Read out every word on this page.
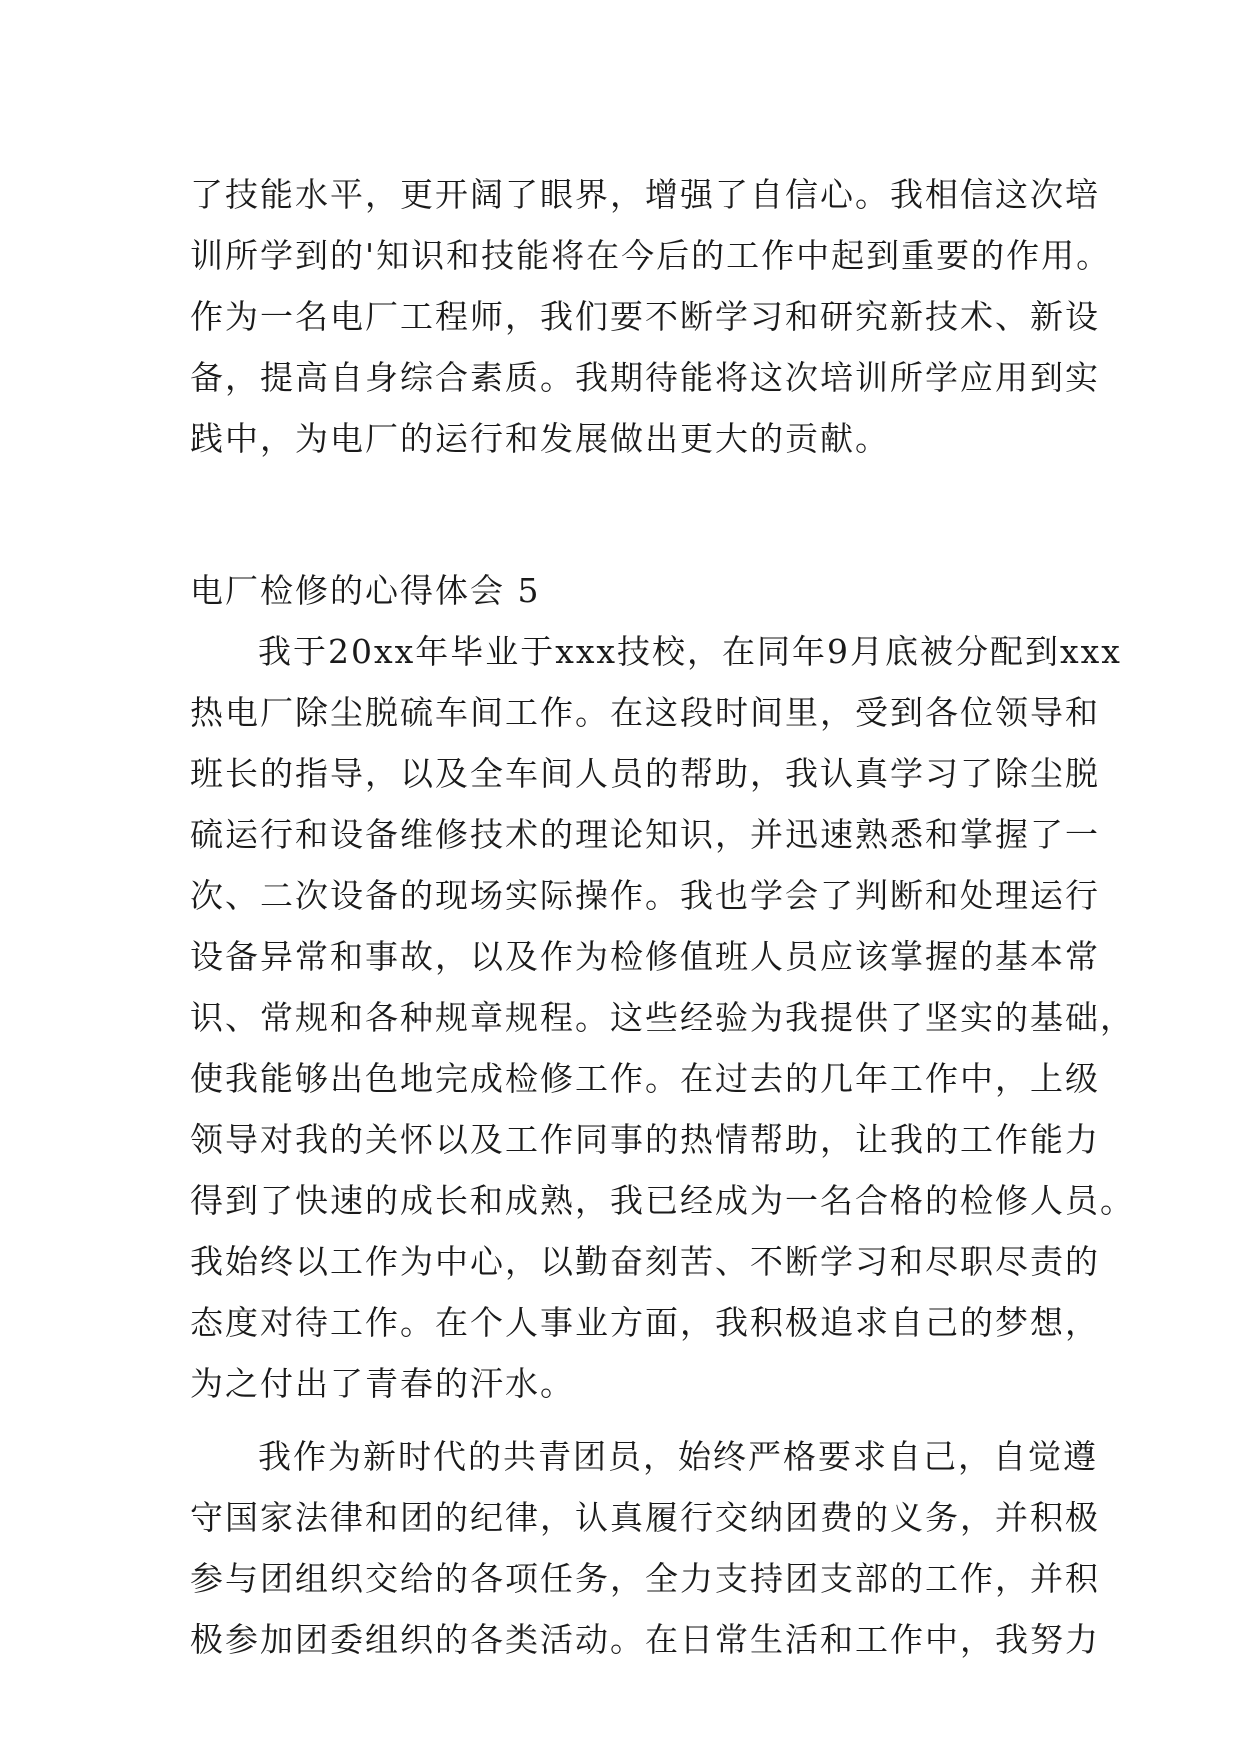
了技能水平，更开阔了眼界，增强了自信心。我相信这次培
训所学到的'知识和技能将在今后的工作中起到重要的作用。
作为一名电厂工程师，我们要不断学习和研究新技术、新设
备，提高自身综合素质。我期待能将这次培训所学应用到实
践中，为电厂的运行和发展做出更大的贡献。
电厂检修的心得体会 5
我于20xx年毕业于xxx技校，在同年9月底被分配到xxx
热电厂除尘脱硫车间工作。在这段时间里，受到各位领导和
班长的指导，以及全车间人员的帮助，我认真学习了除尘脱
硫运行和设备维修技术的理论知识，并迅速熟悉和掌握了一
次、二次设备的现场实际操作。我也学会了判断和处理运行
设备异常和事故，以及作为检修值班人员应该掌握的基本常
识、常规和各种规章规程。这些经验为我提供了坚实的基础，
使我能够出色地完成检修工作。在过去的几年工作中，上级
领导对我的关怀以及工作同事的热情帮助，让我的工作能力
得到了快速的成长和成熟，我已经成为一名合格的检修人员。
我始终以工作为中心，以勤奋刻苦、不断学习和尽职尽责的
态度对待工作。在个人事业方面，我积极追求自己的梦想，
为之付出了青春的汗水。
我作为新时代的共青团员，始终严格要求自己，自觉遵
守国家法律和团的纪律，认真履行交纳团费的义务，并积极
参与团组织交给的各项任务，全力支持团支部的工作，并积
极参加团委组织的各类活动。在日常生活和工作中，我努力
